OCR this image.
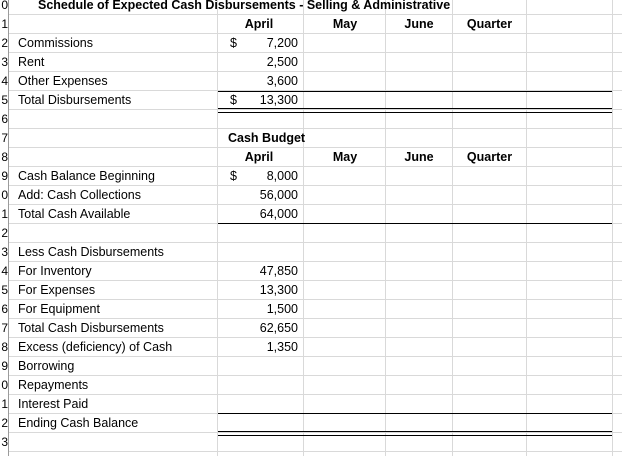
0 Schedule of Expected Cash Disbursements - Selling & Administrative
1	April	May	June	Quarter
2 Commissions	$	7,200
3 Rent	2,500
4 Other Expenses	3,600
5 Total Disbursements	$	13,300
6
7	Cash Budget
8	April	May	June	Quarter
9 Cash Balance Beginning	$	8,000
0 Add: Cash Collections	56,000
1 Total Cash Available	64,000
2
3 Less Cash Disbursements
4 For Inventory	47,850
5 For Expenses	13,300
6 For Equipment	1,500
7 Total Cash Disbursements	62,650
8 Excess (deficiency) of Cash	1,350
9 Borrowing
0 Repayments
1 Interest Paid
2 Ending Cash Balance
3
